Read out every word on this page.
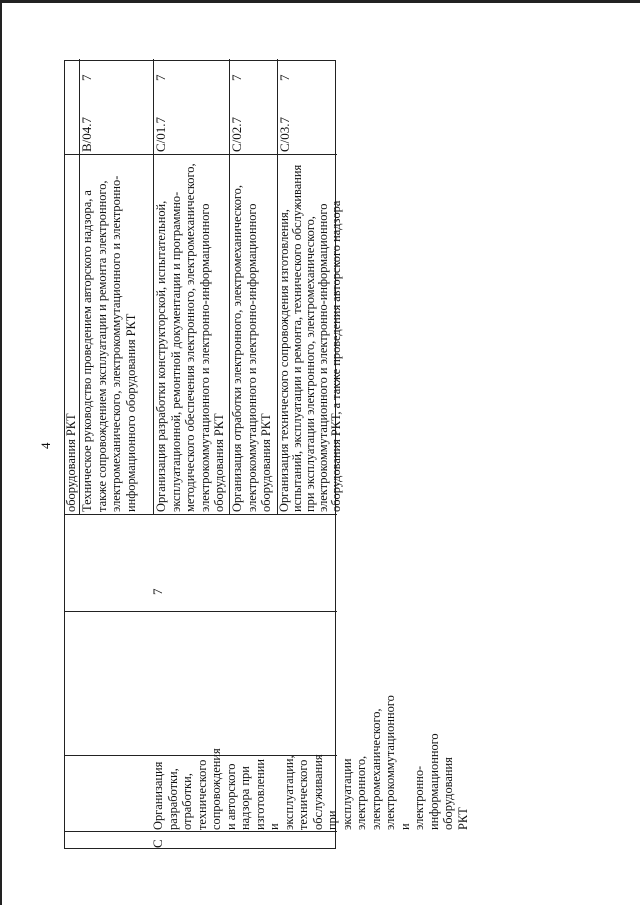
4
C
Организация разработки, отработки, технического сопровождения и авторского надзора при изготовлении и эксплуатации, технического обслуживания при эксплуатации электронного, электромеханического, электрокоммутационного и электронно-информационного оборудования РКТ
7
оборудования РКТ Техническое руководство проведением авторского надзора, а также сопровождением эксплуатации и ремонта электронного, электромеханического, электрокоммутационного и электронно-информационного оборудования РКТ
B/04.7
7
Организация разработки конструкторской, испытательной, эксплуатационной, ремонтной документации и программно-методического обеспечения электронного, электромеханического, электрокоммутационного и электронно-информационного оборудования РКТ
C/01.7
7
Организация отработки электронного, электромеханического, электрокоммутационного и электронно-информационного оборудования РКТ
C/02.7
7
Организация технического сопровождения изготовления, испытаний, эксплуатации и ремонта, технического обслуживания при эксплуатации электронного, электромеханического, электрокоммутационного и электронно-информационного оборудования РКТ, а также проведения авторского надзора
C/03.7
7
